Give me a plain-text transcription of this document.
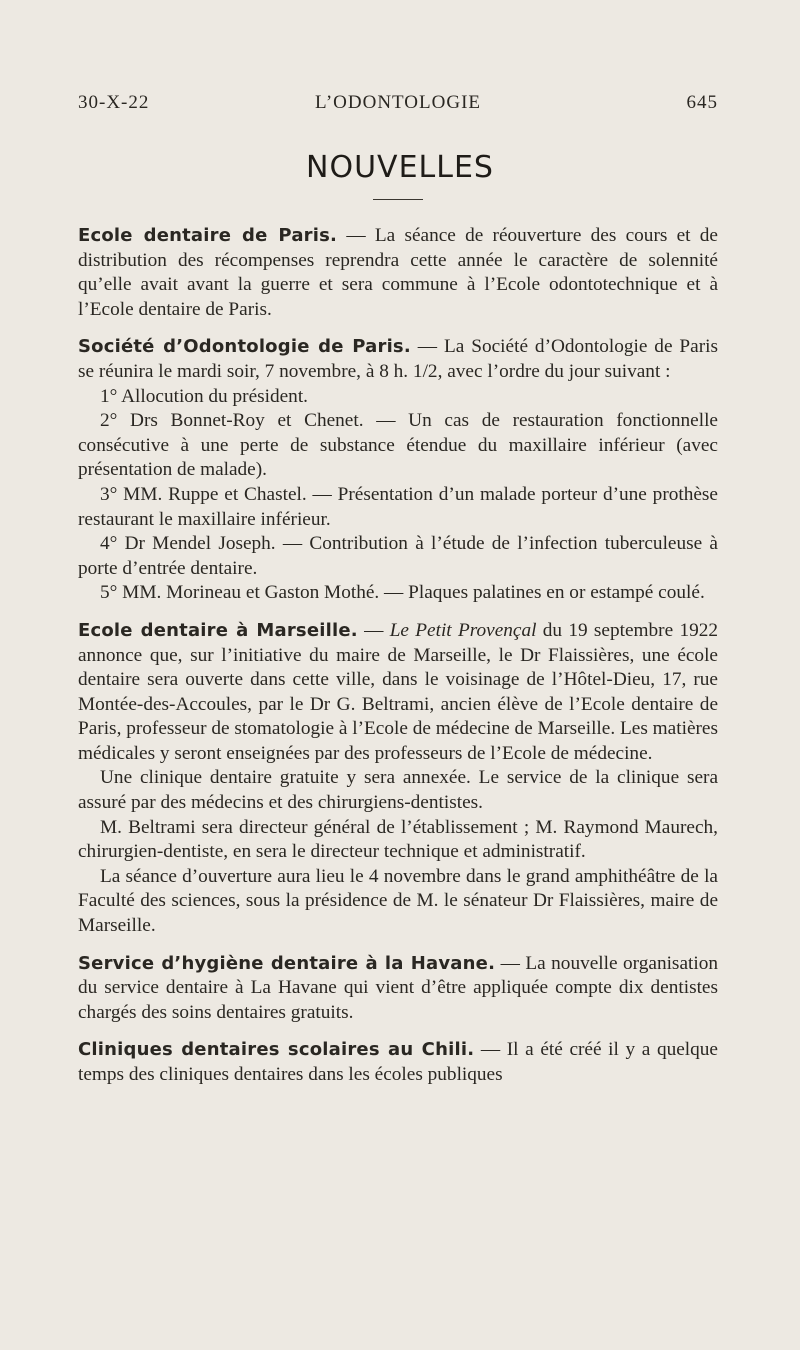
30-X-22	L’ODONTOLOGIE	645
NOUVELLES

Ecole dentaire de Paris. — La séance de réouverture des cours et de distribution des récompenses reprendra cette année le caractère de solennité qu’elle avait avant la guerre et sera commune à l’Ecole odontotechnique et à l’Ecole dentaire de Paris.

Société d’Odontologie de Paris. — La Société d’Odontologie de Paris se réunira le mardi soir, 7 novembre, à 8 h. 1/2, avec l’ordre du jour suivant :

1° Allocution du président.

2° Drs Bonnet-Roy et Chenet. — Un cas de restauration fonctionnelle consécutive à une perte de substance étendue du maxillaire inférieur (avec présentation de malade).

3° MM. Ruppe et Chastel. — Présentation d’un malade porteur d’une prothèse restaurant le maxillaire inférieur.

4° Dr Mendel Joseph. — Contribution à l’étude de l’infection tuberculeuse à porte d’entrée dentaire.

5° MM. Morineau et Gaston Mothé. — Plaques palatines en or estampé coulé.

Ecole dentaire à Marseille. — Le Petit Provençal du 19 septembre 1922 annonce que, sur l’initiative du maire de Marseille, le Dr Flaissières, une école dentaire sera ouverte dans cette ville, dans le voisinage de l’Hôtel-Dieu, 17, rue Montée-des-Accoules, par le Dr G. Beltrami, ancien élève de l’Ecole dentaire de Paris, professeur de stomatologie à l’Ecole de médecine de Marseille. Les matières médicales y seront enseignées par des professeurs de l’Ecole de médecine.

Une clinique dentaire gratuite y sera annexée. Le service de la clinique sera assuré par des médecins et des chirurgiens-dentistes.

M. Beltrami sera directeur général de l’établissement ; M. Raymond Maurech, chirurgien-dentiste, en sera le directeur technique et administratif.

La séance d’ouverture aura lieu le 4 novembre dans le grand amphithéâtre de la Faculté des sciences, sous la présidence de M. le sénateur Dr Flaissières, maire de Marseille.

Service d’hygiène dentaire à la Havane. — La nouvelle organisation du service dentaire à La Havane qui vient d’être appliquée compte dix dentistes chargés des soins dentaires gratuits.

Cliniques dentaires scolaires au Chili. — Il a été créé il y a quelque temps des cliniques dentaires dans les écoles publiques
